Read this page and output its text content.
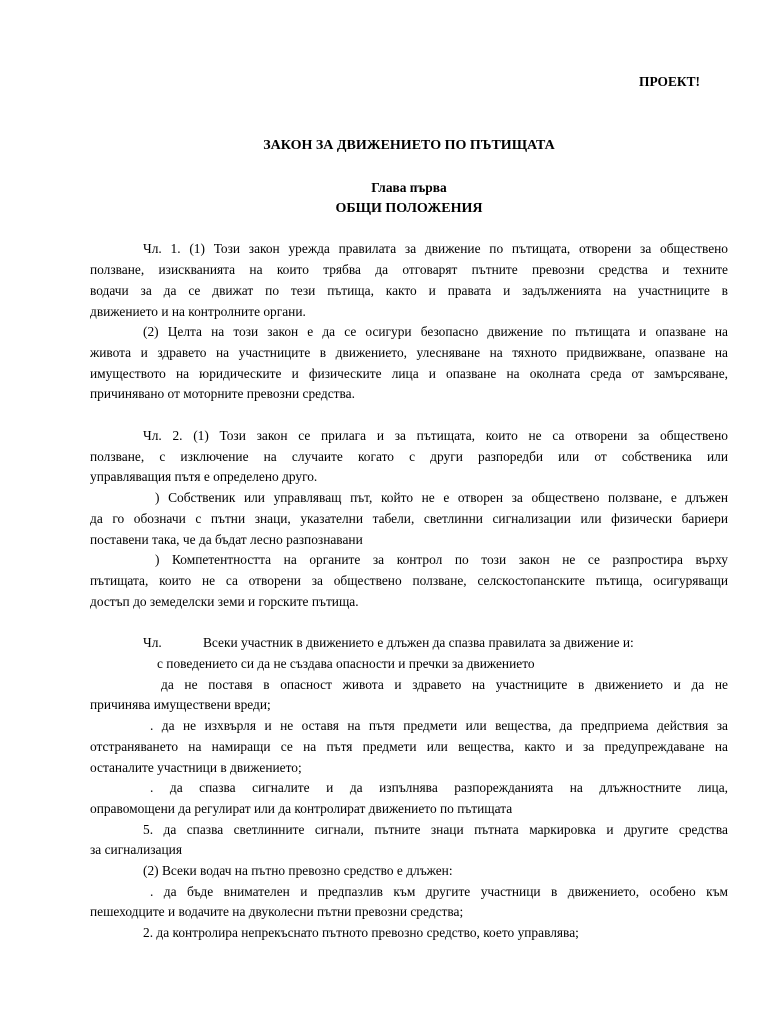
ПРОЕКТ!
ЗАКОН ЗА ДВИЖЕНИЕТО ПО ПЪТИЩАТА
Глава първа
ОБЩИ ПОЛОЖЕНИЯ
Чл. 1. (1) Този закон урежда правилата за движение по пътищата, отворени за обществено
ползване, изискванията на които трябва да отговарят пътните превозни средства и техните
водачи за да се движат по тези пътища, както и правата и задълженията на участниците в
движението и на контролните органи.
(2) Целта на този закон е да се осигури безопасно движение по пътищата и опазване на
живота и здравето на участниците в движението, улесняване на тяхното придвижване, опазване на
имуществото на юридическите и физическите лица и опазване на околната среда от замърсяване,
причинявано от моторните превозни средства.
Чл. 2. (1) Този закон се прилага и за пътищата, които не са отворени за обществено
ползване, с изключение на случаите когато с други разпоредби или от собственика или
управляващия пътя е определено друго.
) Собственик или управляващ път, който не е отворен за обществено ползване, е длъжен
да го обозначи с пътни знаци, указателни табели, светлинни сигнализации или физически бариери
поставени така, че да бъдат лесно разпознавани
) Компетентността на органите за контрол по този закон не се разпростира върху
пътищата, които не са отворени за обществено ползване, селскостопанските пътища, осигуряващи
достъп до земеделски земи и горските пътища.
Чл.	Всеки участник в движението е длъжен да спазва правилата за движение и:
с поведението си да не създава опасности и пречки за движението
да не поставя в опасност живота и здравето на участниците в движението и да не
причинява имуществени вреди;
. да не изхвърля и не оставя на пътя предмети или вещества, да предприема действия за
отстраняването на намиращи се на пътя предмети или вещества, както и за предупреждаване на
останалите участници в движението;
. да спазва сигналите и да изпълнява разпорежданията на длъжностните лица,
оправомощени да регулират или да контролират движението по пътищата
5. да спазва светлинните сигнали, пътните знаци пътната маркировка и другите средства
за сигнализация
(2) Всеки водач на пътно превозно средство е длъжен:
. да бъде внимателен и предпазлив към другите участници в движението, особено към
пешеходците и водачите на двуколесни пътни превозни средства;
2. да контролира непрекъснато пътното превозно средство, което управлява;
